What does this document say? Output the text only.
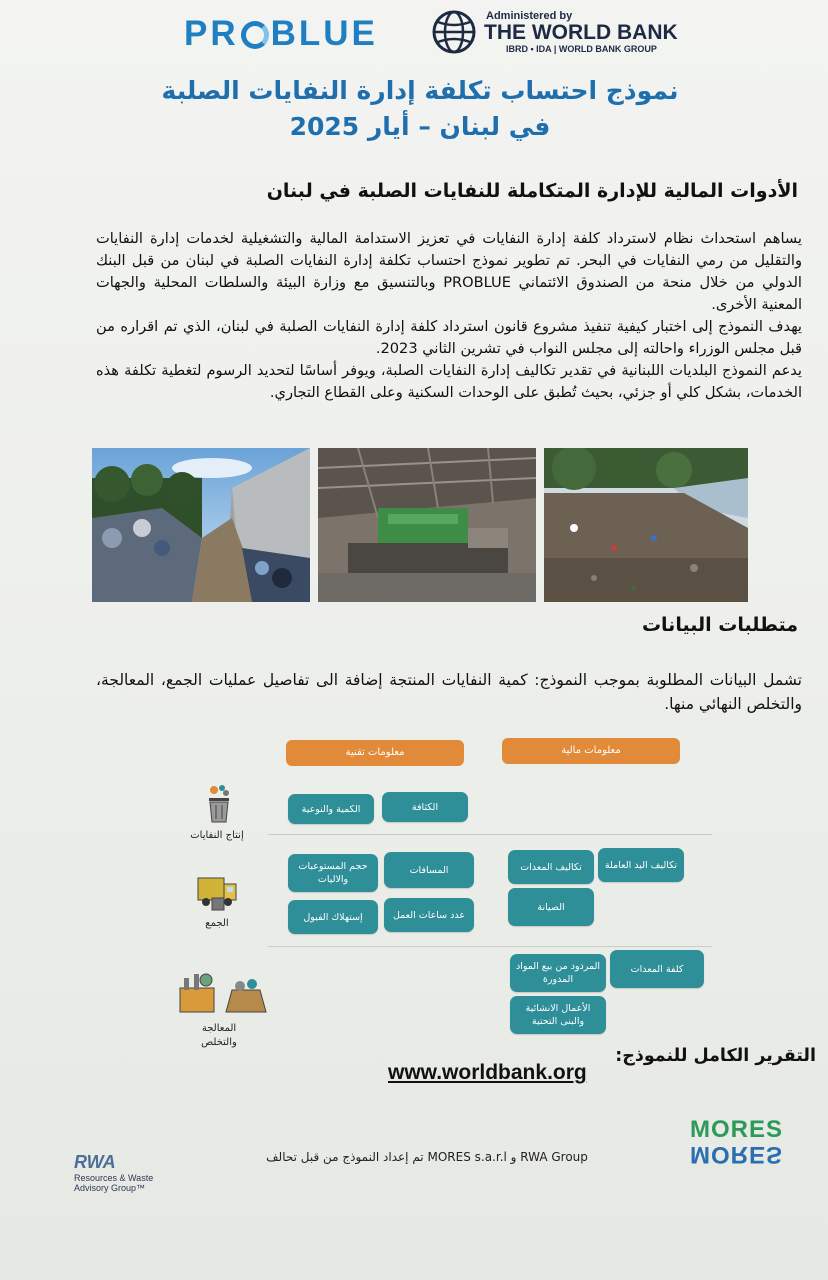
PR BLUE	Administered by
THE WORLD BANK
IBRD • IDA | WORLD BANK GROUP
نموذج احتساب تكلفة إدارة النفايات الصلبة
في لبنان – أيار 2025
الأدوات المالية للإدارة المتكاملة للنفايات الصلبة في لبنان

يساهم استحداث نظام لاسترداد كلفة إدارة النفايات في تعزيز الاستدامة المالية والتشغيلية لخدمات إدارة النفايات والتقليل من رمي النفايات في البحر. تم تطوير نموذج احتساب تكلفة إدارة النفايات الصلبة في لبنان من قبل البنك الدولي من خلال منحة من الصندوق الائتماني PROBLUE وبالتنسيق مع وزارة البيئة والسلطات المحلية والجهات المعنية الأخرى.

يهدف النموذج إلى اختبار كيفية تنفيذ مشروع قانون استرداد كلفة إدارة النفايات الصلبة في لبنان، الذي تم اقراره من قبل مجلس الوزراء واحالته إلى مجلس النواب في تشرين الثاني 2023.

يدعم النموذج البلديات اللبنانية في تقدير تكاليف إدارة النفايات الصلبة، ويوفر أساسًا لتحديد الرسوم لتغطية تكلفة هذه الخدمات، بشكل كلي أو جزئي، بحيث تُطبق على الوحدات السكنية وعلى القطاع التجاري.

متطلبات البيانات

تشمل البيانات المطلوبة بموجب النموذج: كمية النفايات المنتجة إضافة الى تفاصيل عمليات الجمع، المعالجة، والتخلص النهائي منها.

معلومات تقنية	معلومات مالية
إنتاج النفايات
الكمية والنوعية	الكثافة
الجمع
حجم المستوعبات
والاليات
المسافات	تكاليف المعدات	تكاليف اليد العاملة
إستهلاك الفيول	عدد ساعات العمل
الصيانة
المعالجة
والتخلص
المردود من بيع المواد
المدورة
كلفة المعدات
الأعمال الانشائية
والبنى التحتية
التقرير الكامل للنموذج:
www.worldbank.org
MORES
MORES
تم إعداد النموذج من قبل تحالف MORES s.a.r.l و RWA Group
RWA
Resources & Waste
Advisory Group™
